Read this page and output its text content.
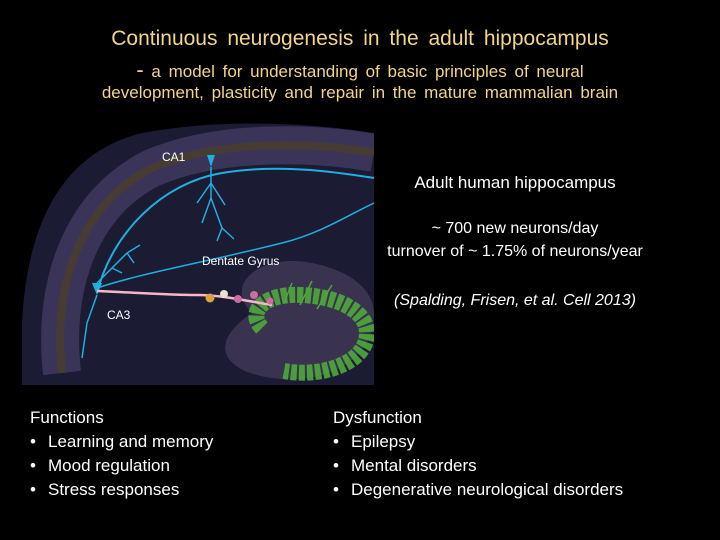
Continuous neurogenesis in the adult hippocampus
- a model for understanding of basic principles of neural
development, plasticity and repair in the mature mammalian brain
CA1
Dentate Gyrus
CA3
Adult human hippocampus
~ 700 new neurons/day
turnover of ~ 1.75% of neurons/year
(Spalding, Frisen, et al. Cell 2013)
Functions
• Learning and memory
• Mood regulation
• Stress responses
Dysfunction
• Epilepsy
• Mental disorders
• Degenerative neurological disorders
